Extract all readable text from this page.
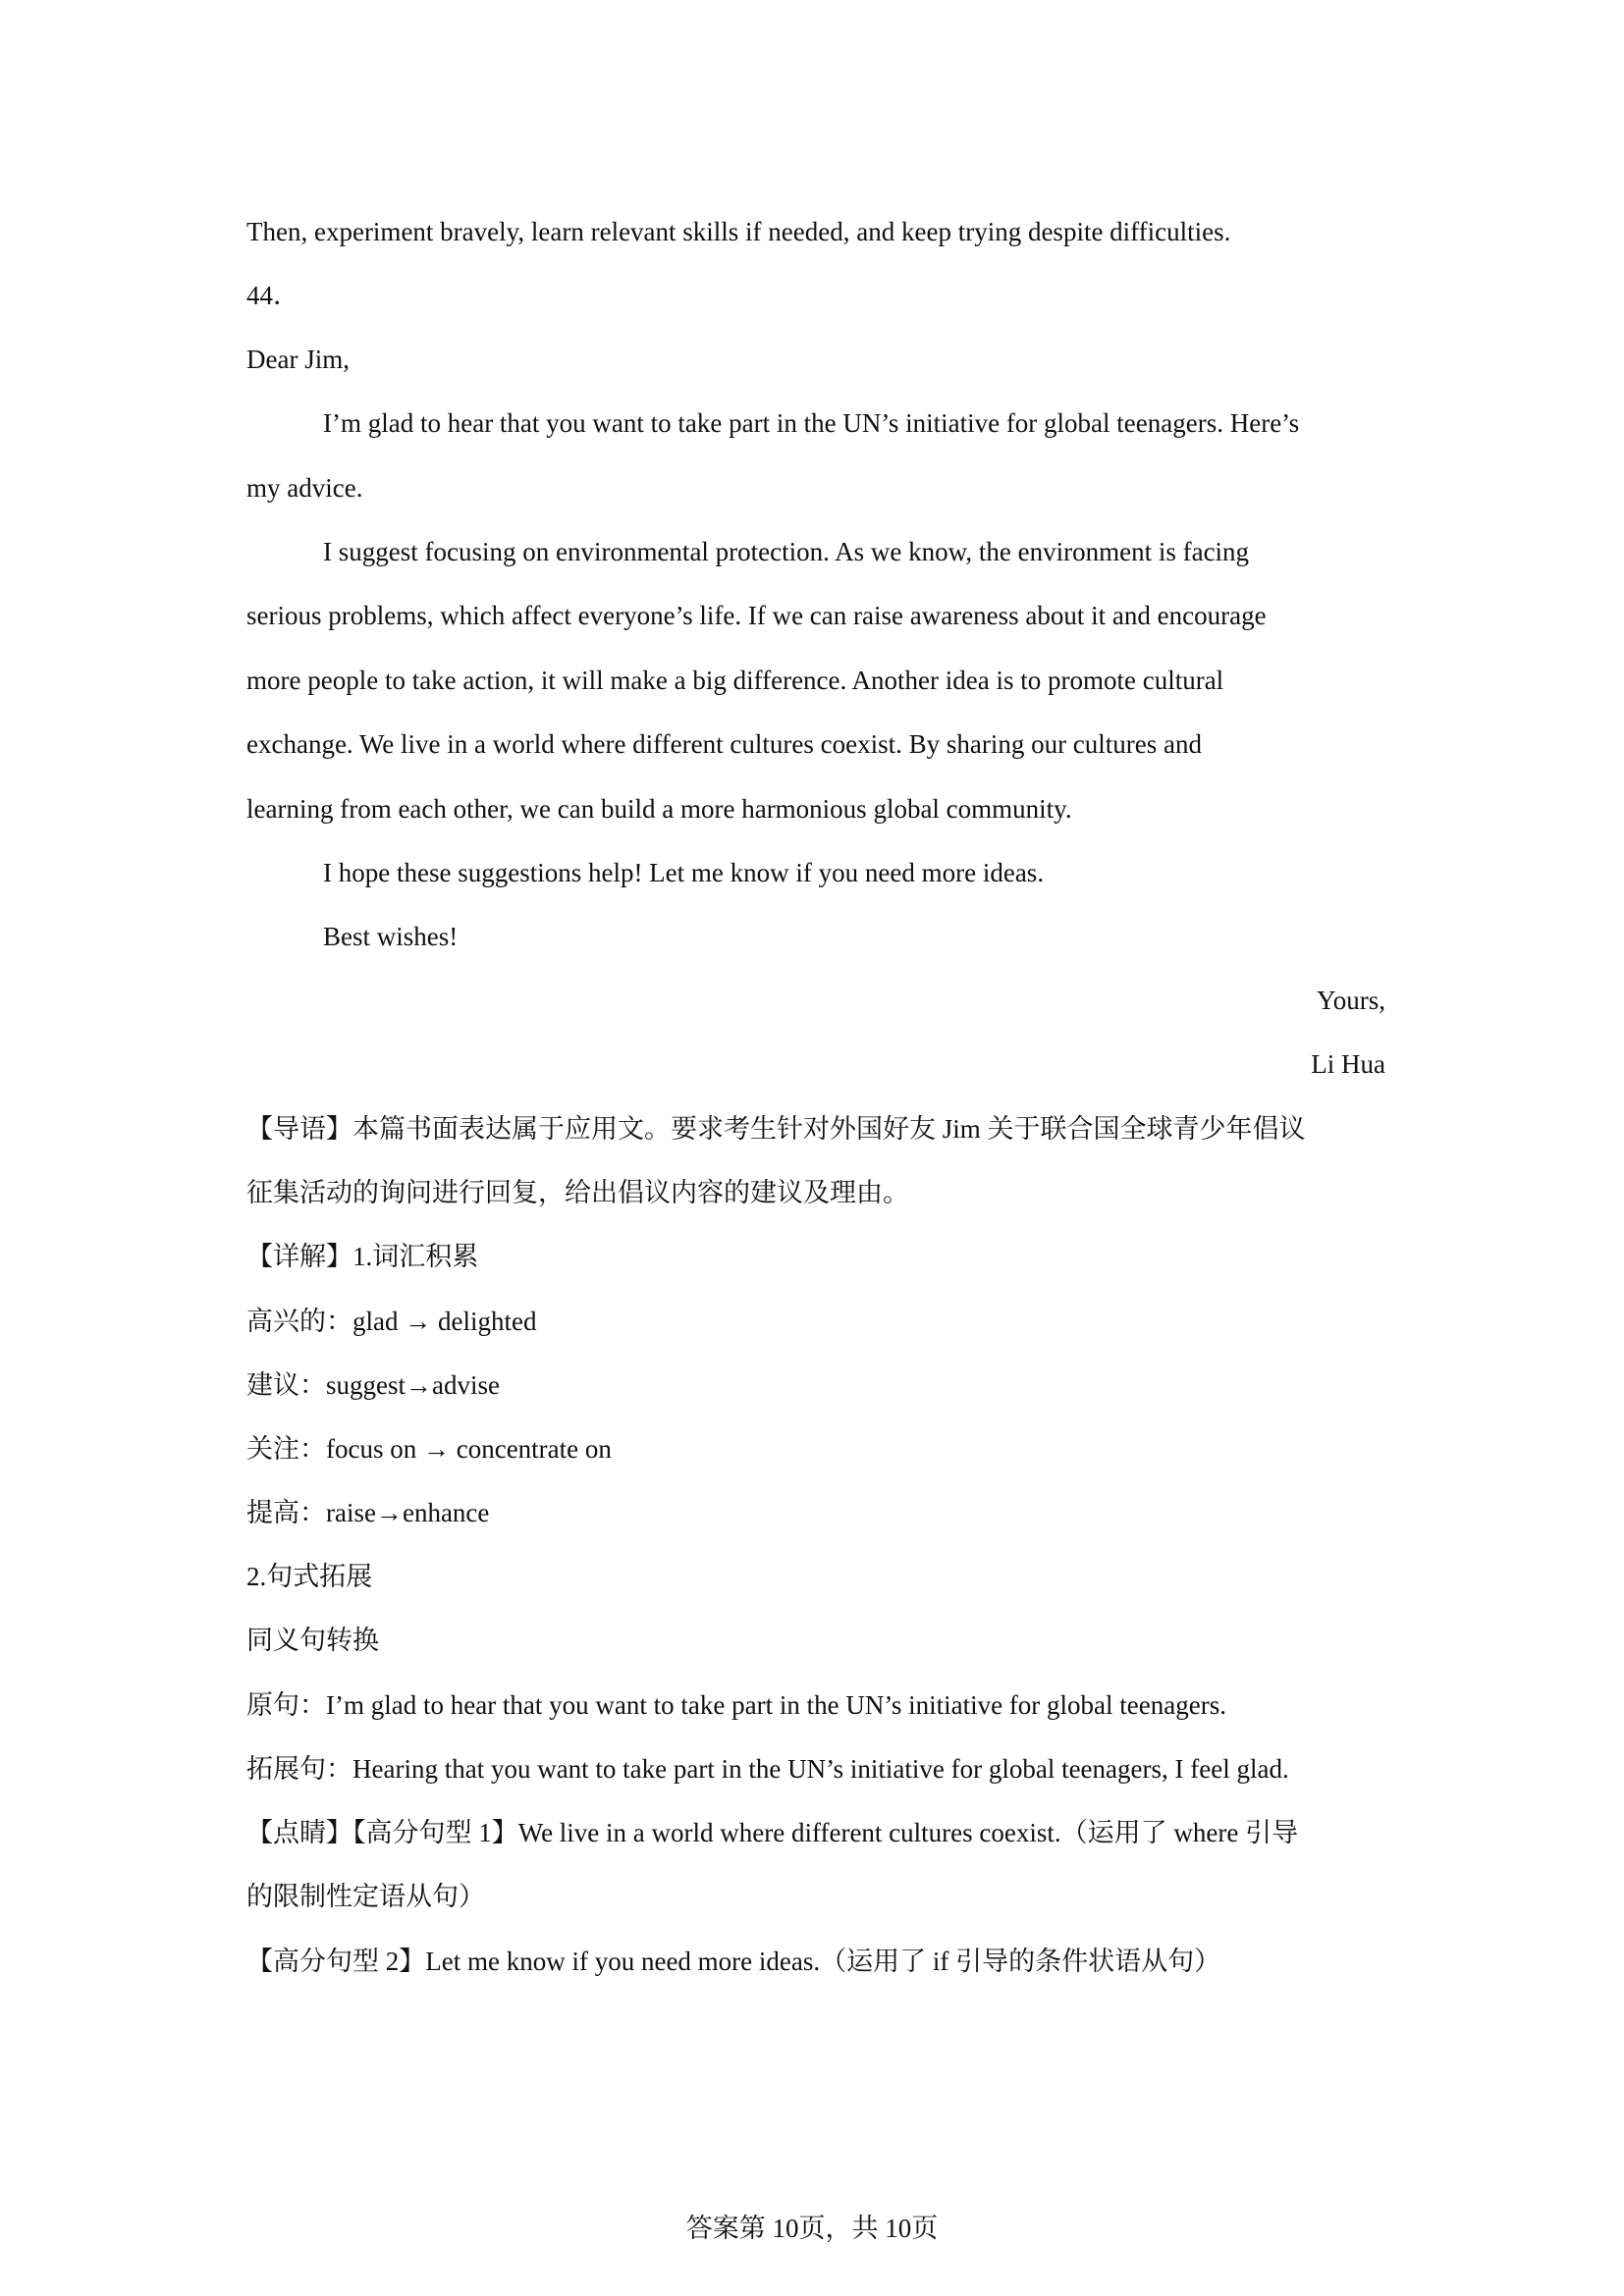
Then, experiment bravely, learn relevant skills if needed, and keep trying despite difficulties.
44．
Dear Jim,
I’m glad to hear that you want to take part in the UN’s initiative for global teenagers. Here’s
my advice.
I suggest focusing on environmental protection. As we know, the environment is facing
serious problems, which affect everyone’s life. If we can raise awareness about it and encourage
more people to take action, it will make a big difference. Another idea is to promote cultural
exchange. We live in a world where different cultures coexist. By sharing our cultures and
learning from each other, we can build a more harmonious global community.
I hope these suggestions help! Let me know if you need more ideas.
Best wishes!
Yours,
Li Hua
【导语】本篇书面表达属于应用文。要求考生针对外国好友 Jim 关于联合国全球青少年倡议
征集活动的询问进行回复，给出倡议内容的建议及理由。
【详解】1.词汇积累
高兴的：glad → delighted
建议：suggest→advise
关注：focus on → concentrate on
提高：raise→enhance
2.句式拓展
同义句转换
原句：I’m glad to hear that you want to take part in the UN’s initiative for global teenagers.
拓展句：Hearing that you want to take part in the UN’s initiative for global teenagers, I feel glad.
【点睛】【高分句型 1】We live in a world where different cultures coexist.（运用了 where 引导
的限制性定语从句）
【高分句型 2】Let me know if you need more ideas.（运用了 if 引导的条件状语从句）
答案第 10页，共 10页
